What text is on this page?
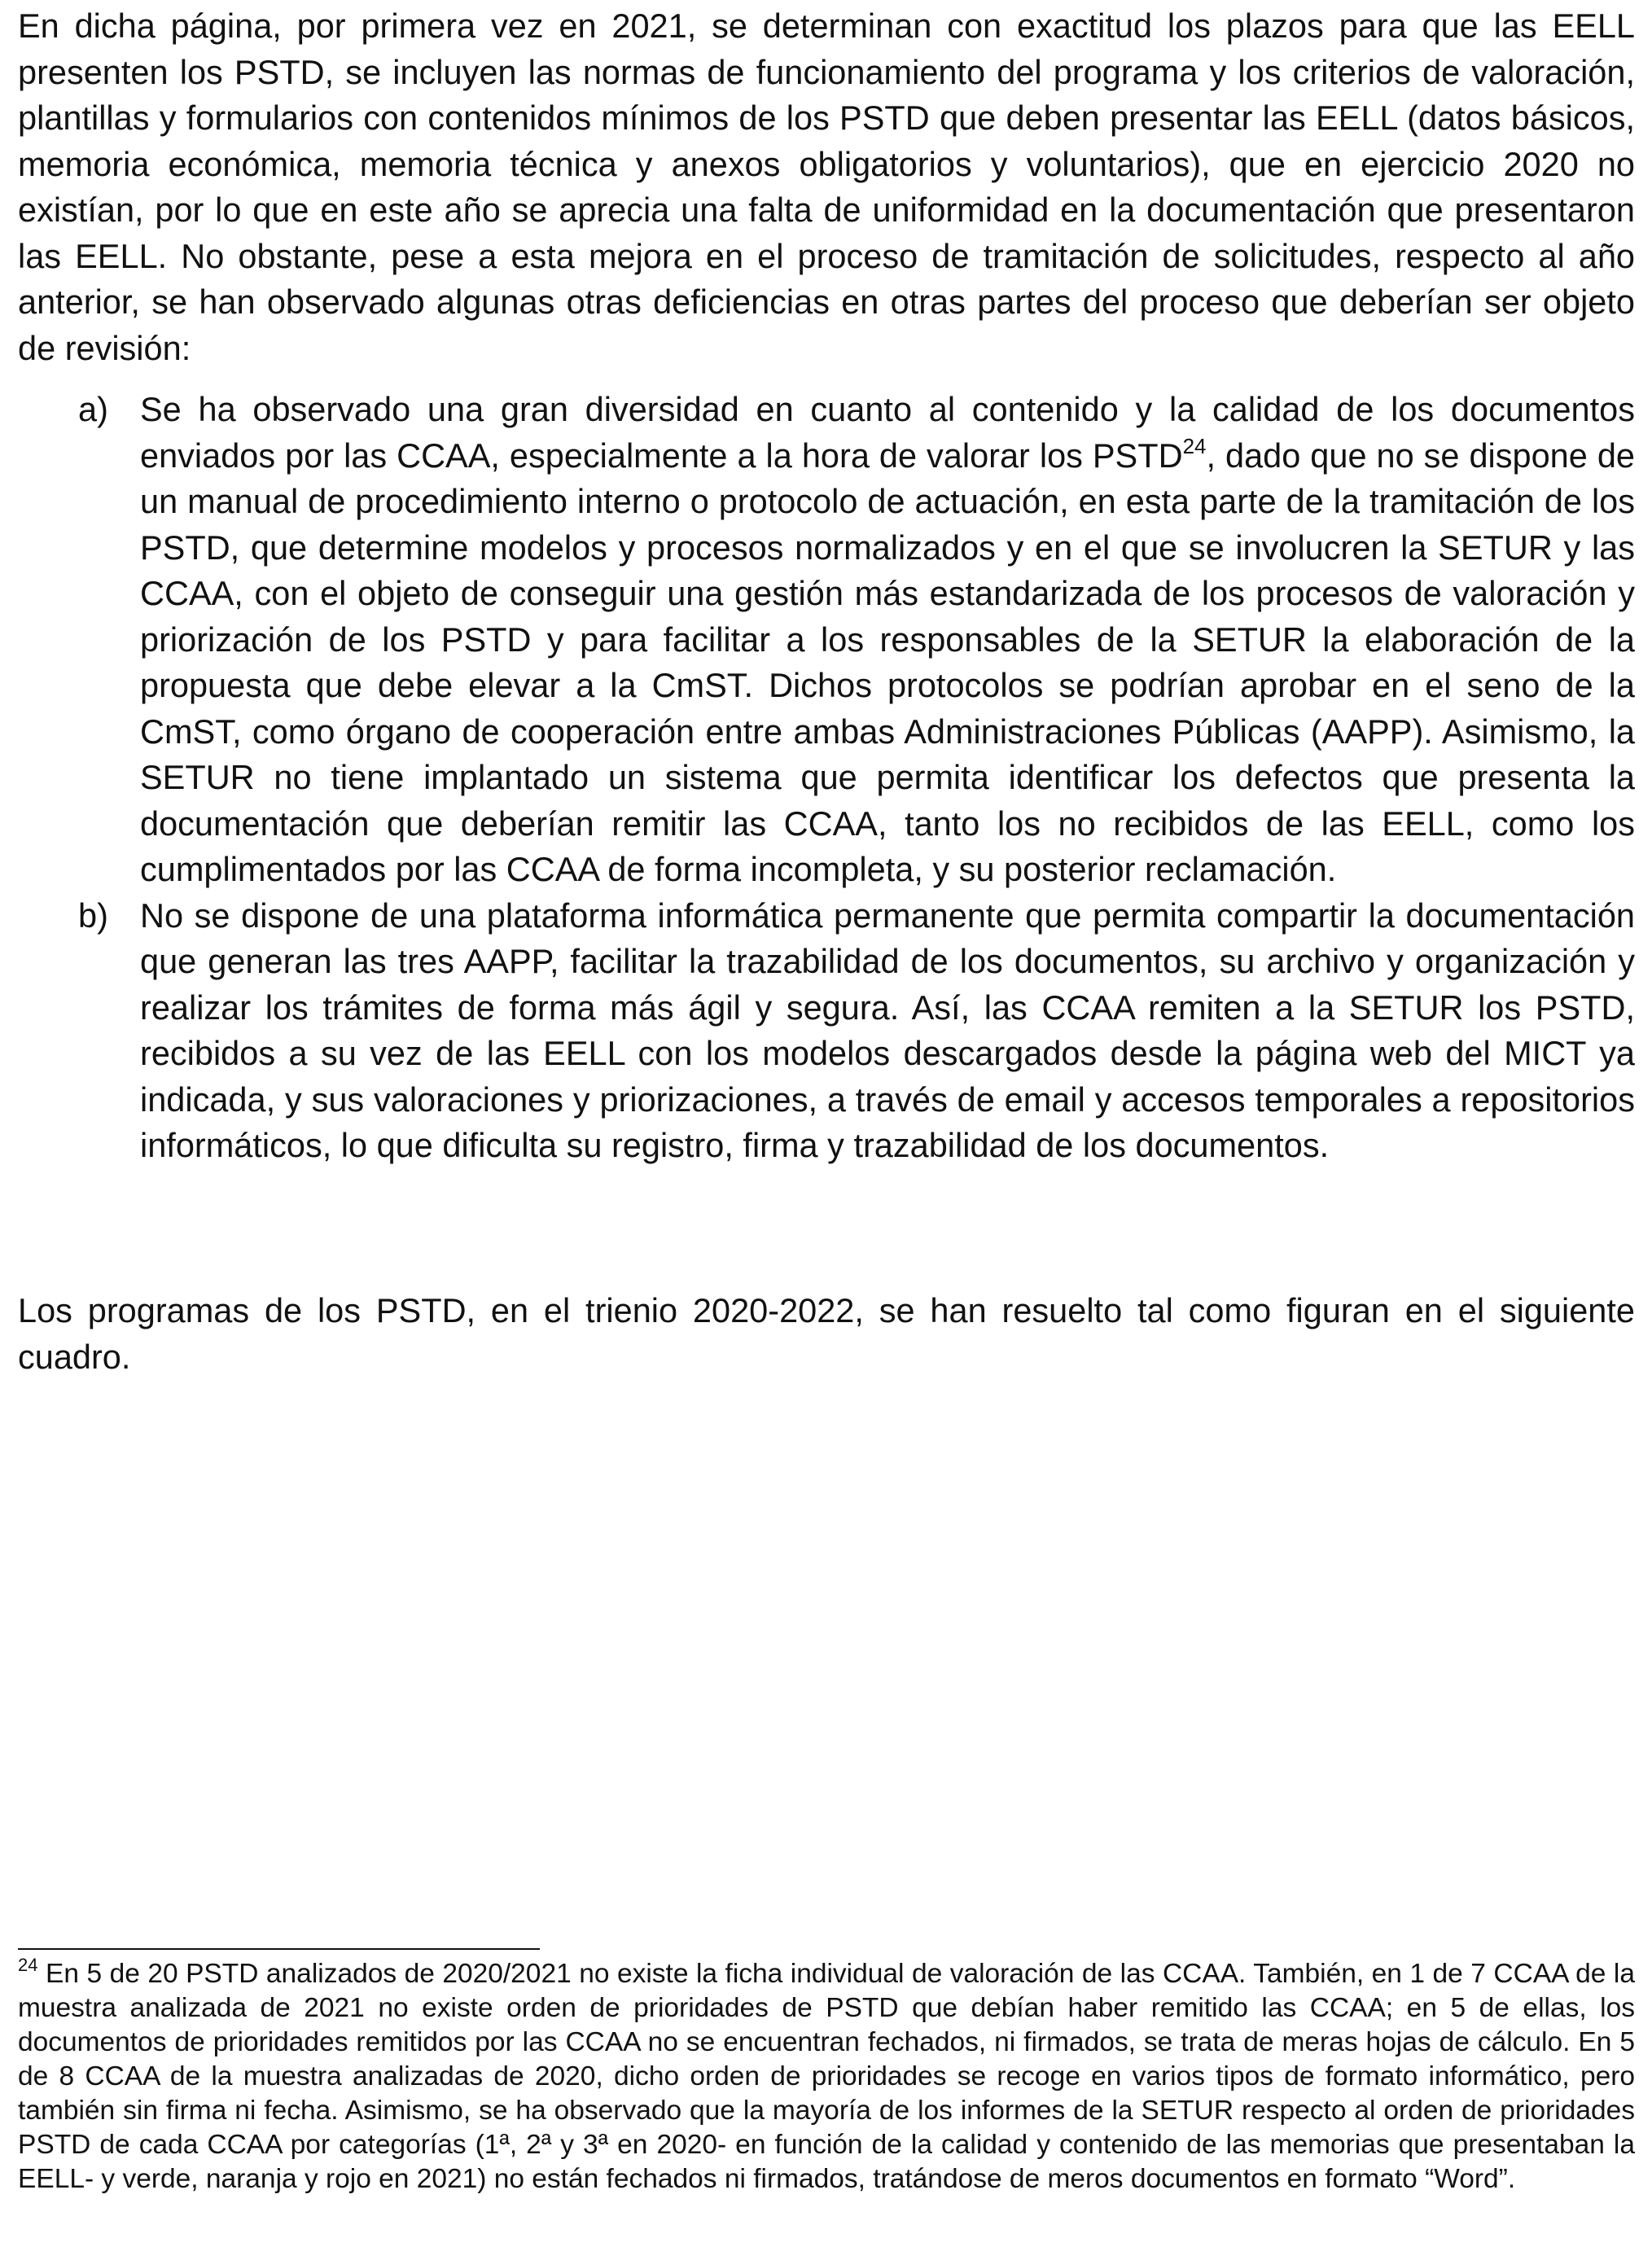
En dicha página, por primera vez en 2021, se determinan con exactitud los plazos para que las EELL presenten los PSTD, se incluyen las normas de funcionamiento del programa y los criterios de valoración, plantillas y formularios con contenidos mínimos de los PSTD que deben presentar las EELL (datos básicos, memoria económica, memoria técnica y anexos obligatorios y voluntarios), que en ejercicio 2020 no existían, por lo que en este año se aprecia una falta de uniformidad en la documentación que presentaron las EELL. No obstante, pese a esta mejora en el proceso de tramitación de solicitudes, respecto al año anterior, se han observado algunas otras deficiencias en otras partes del proceso que deberían ser objeto de revisión:

a) Se ha observado una gran diversidad en cuanto al contenido y la calidad de los documentos enviados por las CCAA, especialmente a la hora de valorar los PSTD$^{24}$, dado que no se dispone de un manual de procedimiento interno o protocolo de actuación, en esta parte de la tramitación de los PSTD, que determine modelos y procesos normalizados y en el que se involucren la SETUR y las CCAA, con el objeto de conseguir una gestión más estandarizada de los procesos de valoración y priorización de los PSTD y para facilitar a los responsables de la SETUR la elaboración de la propuesta que debe elevar a la CmST. Dichos protocolos se podrían aprobar en el seno de la CmST, como órgano de cooperación entre ambas Administraciones Públicas (AAPP). Asimismo, la SETUR no tiene implantado un sistema que permita identificar los defectos que presenta la documentación que deberían remitir las CCAA, tanto los no recibidos de las EELL, como los cumplimentados por las CCAA de forma incompleta, y su posterior reclamación.
b) No se dispone de una plataforma informática permanente que permita compartir la documentación que generan las tres AAPP, facilitar la trazabilidad de los documentos, su archivo y organización y realizar los trámites de forma más ágil y segura. Así, las CCAA remiten a la SETUR los PSTD, recibidos a su vez de las EELL con los modelos descargados desde la página web del MICT ya indicada, y sus valoraciones y priorizaciones, a través de email y accesos temporales a repositorios informáticos, lo que dificulta su registro, firma y trazabilidad de los documentos.

Los programas de los PSTD, en el trienio 2020-2022, se han resuelto tal como figuran en el siguiente cuadro.

$^{24}$ En 5 de 20 PSTD analizados de 2020/2021 no existe la ficha individual de valoración de las CCAA. También, en 1 de 7 CCAA de la muestra analizada de 2021 no existe orden de prioridades de PSTD que debían haber remitido las CCAA; en 5 de ellas, los documentos de prioridades remitidos por las CCAA no se encuentran fechados, ni firmados, se trata de meras hojas de cálculo. En 5 de 8 CCAA de la muestra analizadas de 2020, dicho orden de prioridades se recoge en varios tipos de formato informático, pero también sin firma ni fecha. Asimismo, se ha observado que la mayoría de los informes de la SETUR respecto al orden de prioridades PSTD de cada CCAA por categorías (1ª, 2ª y 3ª en 2020- en función de la calidad y contenido de las memorias que presentaban la EELL- y verde, naranja y rojo en 2021) no están fechados ni firmados, tratándose de meros documentos en formato “Word”.
